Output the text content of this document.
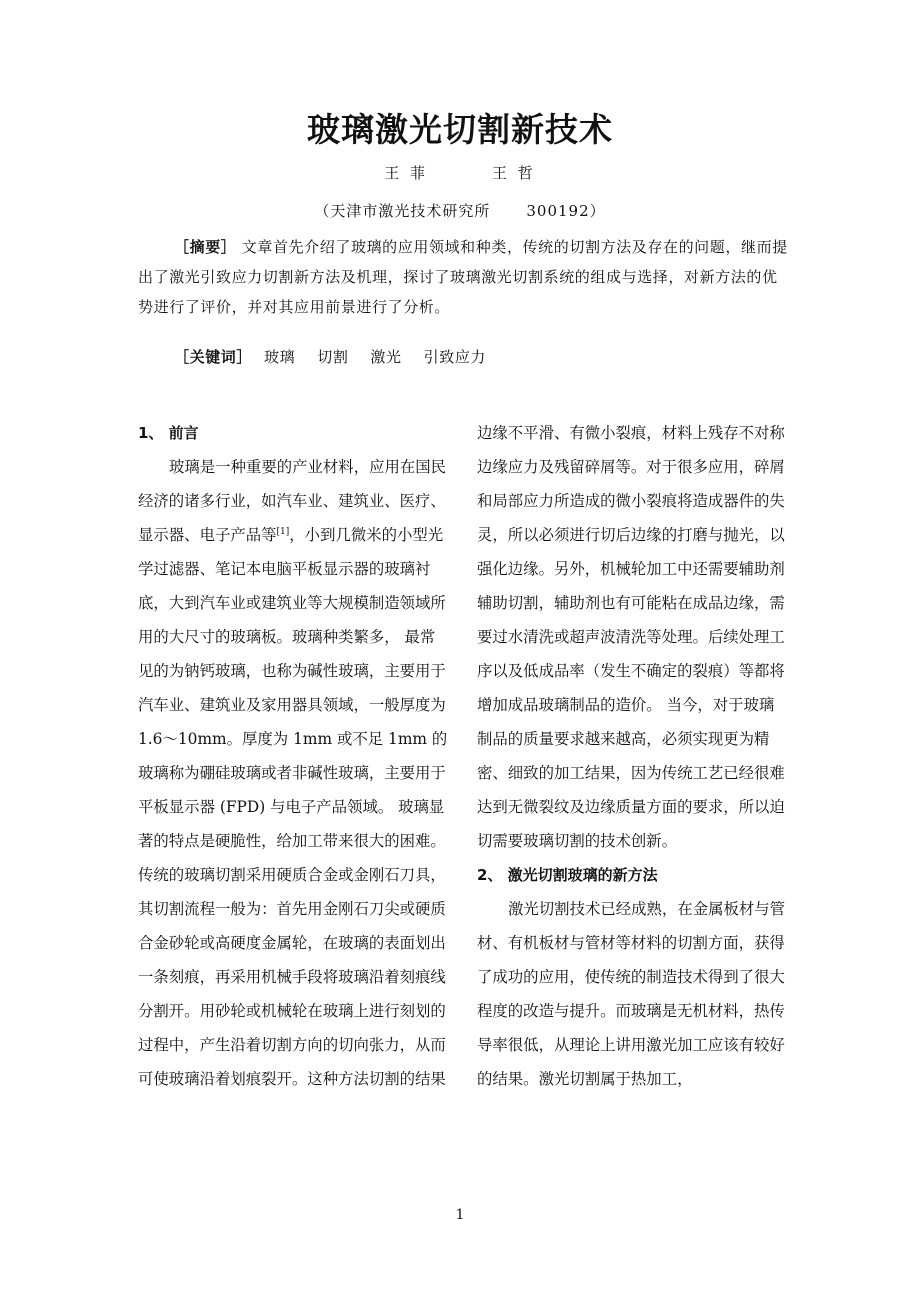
玻璃激光切割新技术
王 菲	王 哲
（天津市激光技术研究所 300192）

［摘要］ 文章首先介绍了玻璃的应用领域和种类，传统的切割方法及存在的问题，继而提出了激光引致应力切割新方法及机理，探讨了玻璃激光切割系统的组成与选择，对新方法的优势进行了评价，并对其应用前景进行了分析。

［关键词］ 玻璃 切割 激光 引致应力

1、 前言

玻璃是一种重要的产业材料，应用在国民经济的诸多行业，如汽车业、建筑业、医疗、显示器、电子产品等[1]，小到几微米的小型光学过滤器、笔记本电脑平板显示器的玻璃衬底，大到汽车业或建筑业等大规模制造领域所用的大尺寸的玻璃板。玻璃种类繁多， 最常见的为钠钙玻璃，也称为碱性玻璃，主要用于汽车业、建筑业及家用器具领域，一般厚度为 1.6～10mm。厚度为 1mm 或不足 1mm 的玻璃称为硼硅玻璃或者非碱性玻璃，主要用于平板显示器 (FPD) 与电子产品领域。 玻璃显著的特点是硬脆性，给加工带来很大的困难。传统的玻璃切割采用硬质合金或金刚石刀具，其切割流程一般为：首先用金刚石刀尖或硬质合金砂轮或高硬度金属轮，在玻璃的表面划出一条刻痕，再采用机械手段将玻璃沿着刻痕线分割开。用砂轮或机械轮在玻璃上进行刻划的过程中，产生沿着切割方向的切向张力，从而可使玻璃沿着划痕裂开。这种方法切割的结果

边缘不平滑、有微小裂痕，材料上残存不对称边缘应力及残留碎屑等。对于很多应用，碎屑和局部应力所造成的微小裂痕将造成器件的失灵，所以必须进行切后边缘的打磨与抛光，以强化边缘。另外，机械轮加工中还需要辅助剂辅助切割，辅助剂也有可能粘在成品边缘，需要过水清洗或超声波清洗等处理。后续处理工序以及低成品率（发生不确定的裂痕）等都将增加成品玻璃制品的造价。 当今，对于玻璃制品的质量要求越来越高，必须实现更为精密、细致的加工结果，因为传统工艺已经很难达到无微裂纹及边缘质量方面的要求，所以迫切需要玻璃切割的技术创新。

2、 激光切割玻璃的新方法

激光切割技术已经成熟，在金属板材与管材、有机板材与管材等材料的切割方面，获得了成功的应用，使传统的制造技术得到了很大程度的改造与提升。而玻璃是无机材料，热传导率很低，从理论上讲用激光加工应该有较好的结果。激光切割属于热加工，

1
